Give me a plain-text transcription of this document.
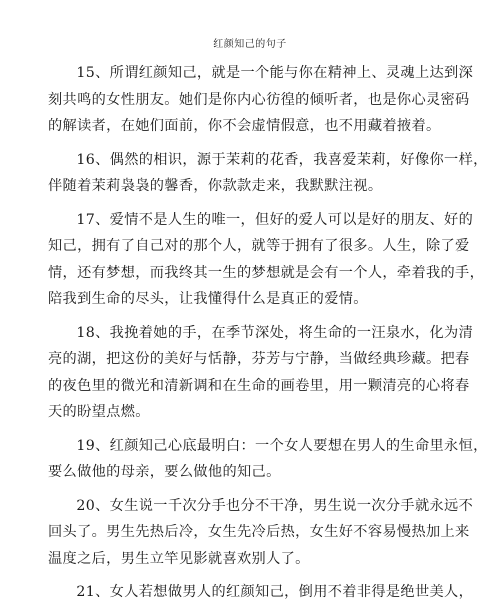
红颜知己的句子

15、所谓红颜知己，就是一个能与你在精神上、灵魂上达到深
刻共鸣的女性朋友。她们是你内心彷徨的倾听者，也是你心灵密码
的解读者，在她们面前，你不会虚情假意，也不用藏着掖着。

16、偶然的相识，源于茉莉的花香，我喜爱茉莉，好像你一样，
伴随着茉莉袅袅的馨香，你款款走来，我默默注视。

17、爱情不是人生的唯一，但好的爱人可以是好的朋友、好的
知己，拥有了自己对的那个人，就等于拥有了很多。人生，除了爱
情，还有梦想，而我终其一生的梦想就是会有一个人，牵着我的手，
陪我到生命的尽头，让我懂得什么是真正的爱情。

18、我挽着她的手，在季节深处，将生命的一汪泉水，化为清
亮的湖，把这份的美好与恬静，芬芳与宁静，当做经典珍藏。把春
的夜色里的微光和清新调和在生命的画卷里，用一颗清亮的心将春
天的盼望点燃。

19、红颜知己心底最明白：一个女人要想在男人的生命里永恒，
要么做他的母亲，要么做他的知己。

20、女生说一千次分手也分不干净，男生说一次分手就永远不
回头了。男生先热后冷，女生先冷后热，女生好不容易慢热加上来
温度之后，男生立竿见影就喜欢别人了。

21、女人若想做男人的红颜知己，倒用不着非得是绝世美人，
